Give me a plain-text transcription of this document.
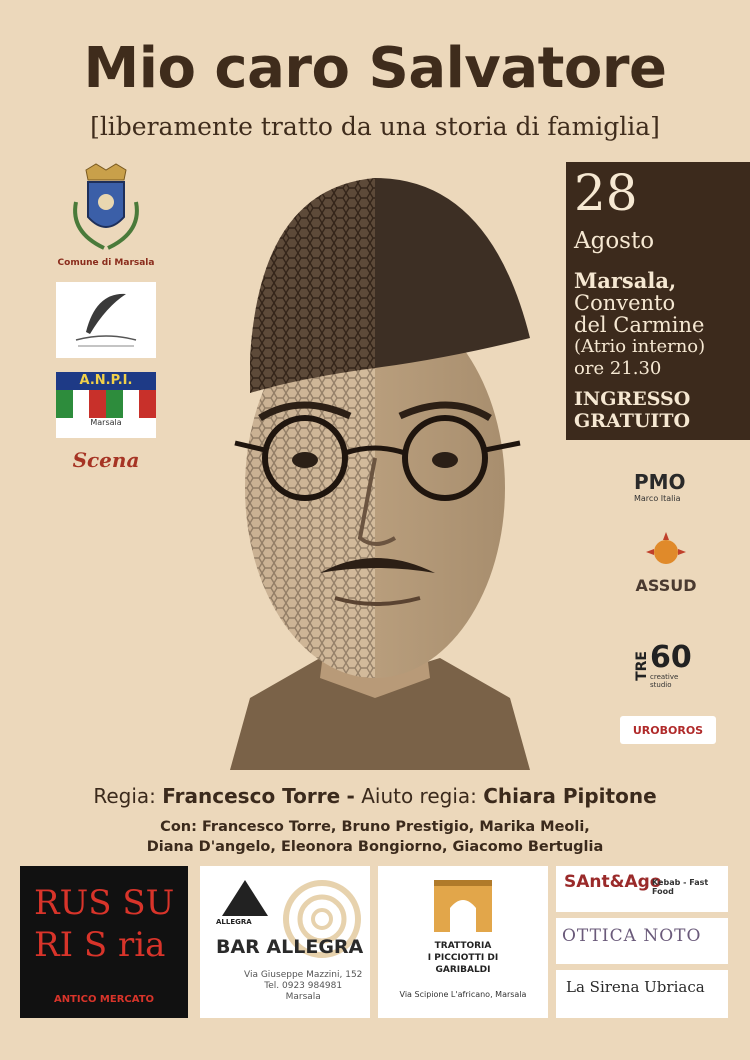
Mio caro Salvatore
[liberamente tratto da una storia di famiglia]
28
Agosto
Marsala,
Convento
del Carmine
(Atrio interno)
ore 21.30
INGRESSO
GRATUITO
Comune di Marsala
A.N.P.I.
Marsala
Scena
PMO
Marco Italia
ASSUD
TRE 60
creative studio
UROBOROS
Regia: Francesco Torre - Aiuto regia: Chiara Pipitone
Con: Francesco Torre, Bruno Prestigio, Marika Meoli,
Diana D'angelo, Eleonora Bongiorno, Giacomo Bertuglia
RUS SU
RI S ria
ANTICO MERCATO
ALLEGRA
BAR ALLEGRA
Via Giuseppe Mazzini, 152
Tel. 0923 984981
Marsala
TRATTORIA
I PICCIOTTI DI
GARIBALDI
Via Scipione L'africano, Marsala
SAnt&Ago
Kebab - Fast Food
OTTICA NOTO
La Sirena Ubriaca
